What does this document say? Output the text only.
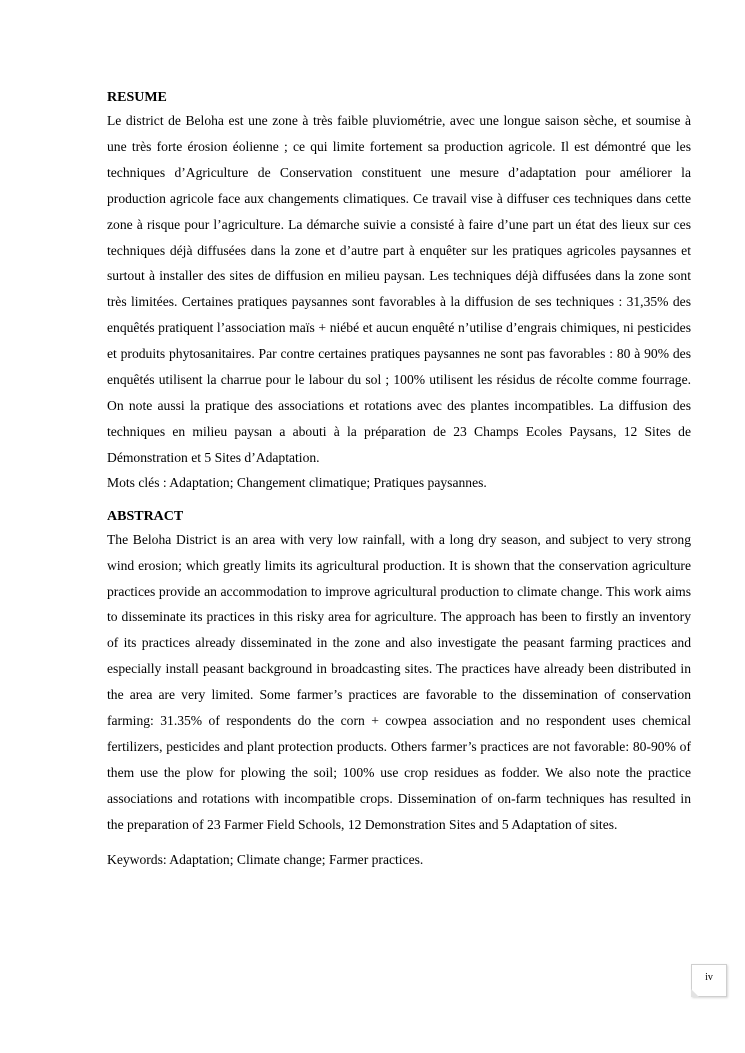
RESUME

Le district de Beloha est une zone à très faible pluviométrie, avec une longue saison sèche, et soumise à une très forte érosion éolienne ; ce qui limite fortement sa production agricole. Il est démontré que les techniques d’Agriculture de Conservation constituent une mesure d’adaptation pour améliorer la production agricole face aux changements climatiques. Ce travail vise à diffuser ces techniques dans cette zone à risque pour l’agriculture. La démarche suivie a consisté à faire d’une part un état des lieux sur ces techniques déjà diffusées dans la zone et d’autre part à enquêter sur les pratiques agricoles paysannes et surtout à installer des sites de diffusion en milieu paysan. Les techniques déjà diffusées dans la zone sont très limitées. Certaines pratiques paysannes sont favorables à la diffusion de ses techniques : 31,35% des enquêtés pratiquent l’association maïs + niébé et aucun enquêté n’utilise d’engrais chimiques, ni pesticides et produits phytosanitaires. Par contre certaines pratiques paysannes ne sont pas favorables : 80 à 90% des enquêtés utilisent la charrue pour le labour du sol ; 100% utilisent les résidus de récolte comme fourrage. On note aussi la pratique des associations et rotations avec des plantes incompatibles. La diffusion des techniques en milieu paysan a abouti à la préparation de 23 Champs Ecoles Paysans, 12 Sites de Démonstration et 5 Sites d’Adaptation.

Mots clés : Adaptation; Changement climatique; Pratiques paysannes.

ABSTRACT

The Beloha District is an area with very low rainfall, with a long dry season, and subject to very strong wind erosion; which greatly limits its agricultural production. It is shown that the conservation agriculture practices provide an accommodation to improve agricultural production to climate change. This work aims to disseminate its practices in this risky area for agriculture. The approach has been to firstly an inventory of its practices already disseminated in the zone and also investigate the peasant farming practices and especially install peasant background in broadcasting sites. The practices have already been distributed in the area are very limited. Some farmer’s practices are favorable to the dissemination of conservation farming: 31.35% of respondents do the corn + cowpea association and no respondent uses chemical fertilizers, pesticides and plant protection products. Others farmer’s practices are not favorable: 80-90% of them use the plow for plowing the soil; 100% use crop residues as fodder. We also note the practice associations and rotations with incompatible crops. Dissemination of on-farm techniques has resulted in the preparation of 23 Farmer Field Schools, 12 Demonstration Sites and 5 Adaptation of sites.

Keywords: Adaptation; Climate change; Farmer practices.

iv
